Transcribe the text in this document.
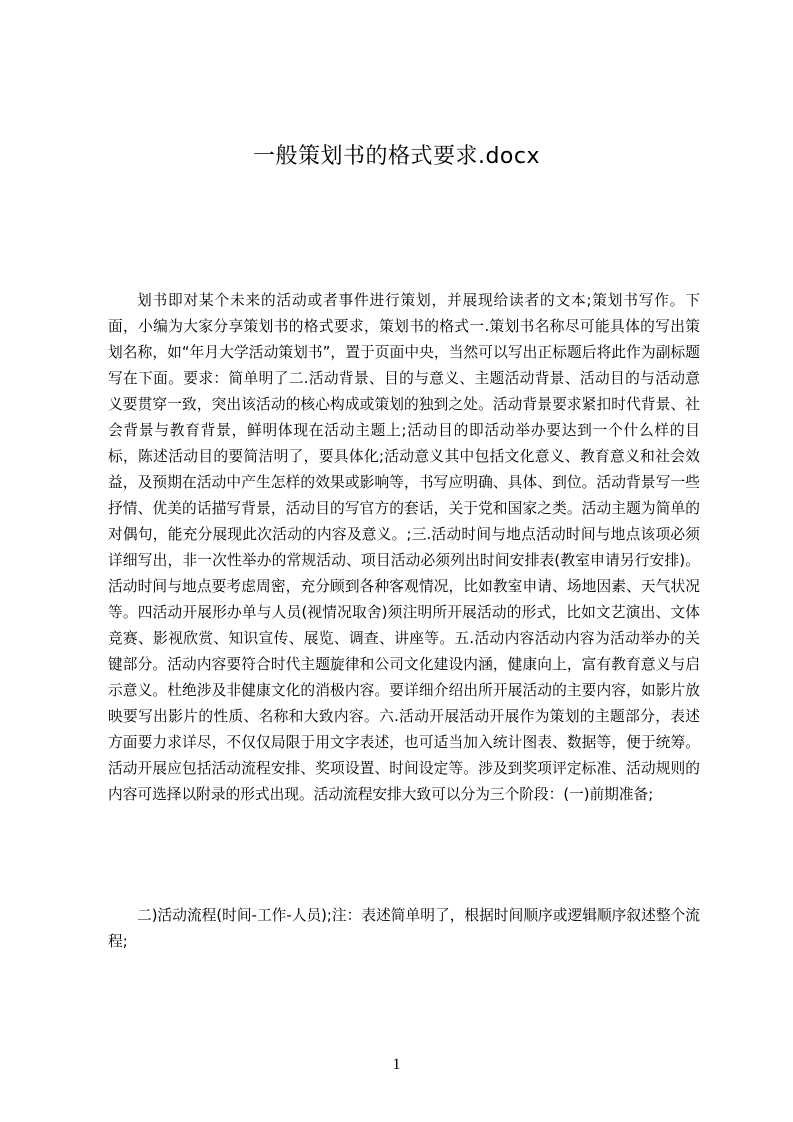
一般策划书的格式要求.docx

划书即对某个未来的活动或者事件进行策划，并展现给读者的文本;策划书写作。下面，小编为大家分享策划书的格式要求，策划书的格式一.策划书名称尽可能具体的写出策划名称，如“年月大学活动策划书”，置于页面中央，当然可以写出正标题后将此作为副标题写在下面。要求：简单明了二.活动背景、目的与意义、主题活动背景、活动目的与活动意义要贯穿一致，突出该活动的核心构成或策划的独到之处。活动背景要求紧扣时代背景、社会背景与教育背景，鲜明体现在活动主题上;活动目的即活动举办要达到一个什么样的目标，陈述活动目的要简洁明了，要具体化;活动意义其中包括文化意义、教育意义和社会效益，及预期在活动中产生怎样的效果或影响等，书写应明确、具体、到位。活动背景写一些抒情、优美的话描写背景，活动目的写官方的套话，关于党和国家之类。活动主题为简单的对偶句，能充分展现此次活动的内容及意义。;三.活动时间与地点活动时间与地点该项必须详细写出，非一次性举办的常规活动、项目活动必须列出时间安排表(教室申请另行安排)。活动时间与地点要考虑周密，充分顾到各种客观情况，比如教室申请、场地因素、天气状况等。四活动开展形办单与人员(视情况取舍)须注明所开展活动的形式，比如文艺演出、文体竞赛、影视欣赏、知识宣传、展览、调查、讲座等。五.活动内容活动内容为活动举办的关键部分。活动内容要符合时代主题旋律和公司文化建设内涵，健康向上，富有教育意义与启示意义。杜绝涉及非健康文化的消极内容。要详细介绍出所开展活动的主要内容，如影片放映要写出影片的性质、名称和大致内容。六.活动开展活动开展作为策划的主题部分，表述方面要力求详尽，不仅仅局限于用文字表述，也可适当加入统计图表、数据等，便于统筹。活动开展应包括活动流程安排、奖项设置、时间设定等。涉及到奖项评定标准、活动规则的内容可选择以附录的形式出现。活动流程安排大致可以分为三个阶段：(一)前期准备;

二)活动流程(时间-工作-人员);注：表述简单明了，根据时间顺序或逻辑顺序叙述整个流程;

1
